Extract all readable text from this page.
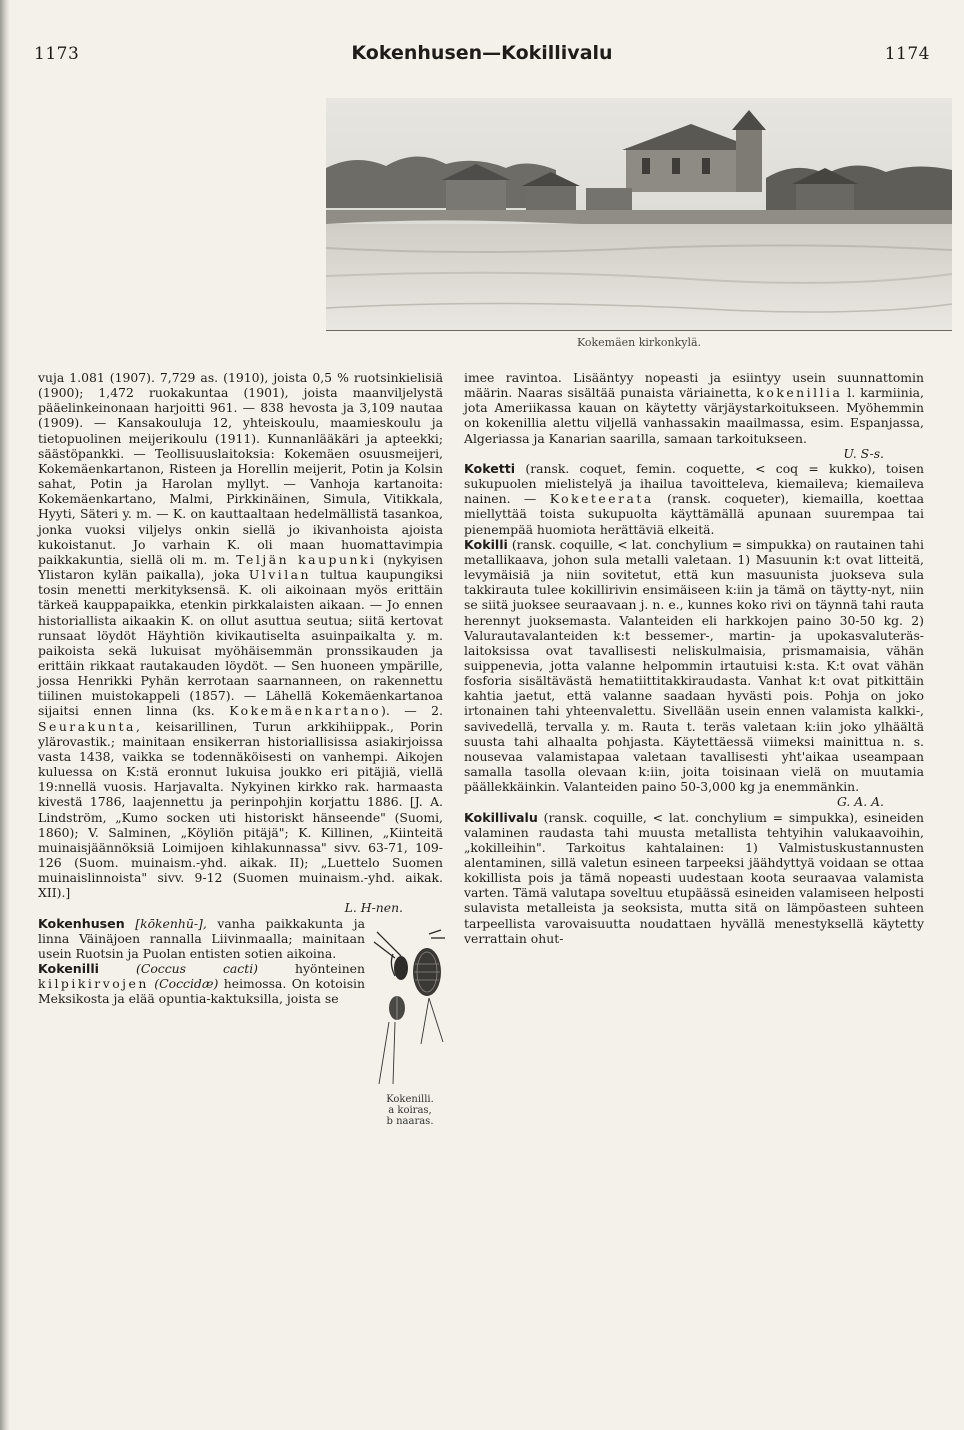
1173	Kokenhusen—Kokillivalu	1174
Kokemäen kirkonkylä.

vuja 1.081 (1907). 7,729 as. (1910), joista 0,5 % ruotsinkielisiä (1900); 1,472 ruokakuntaa (1901), joista maanviljelystä pääelinkeinonaan harjoitti 961. — 838 hevosta ja 3,109 nautaa (1909). — Kansakouluja 12, yhteiskoulu, maamieskoulu ja tietopuolinen meijerikoulu (1911). Kunnanlääkäri ja apteekki; säästöpankki. — Teollisuuslaitoksia: Kokemäen osuusmeijeri, Kokemäenkartanon, Risteen ja Horellin meijerit, Potin ja Kolsin sahat, Potin ja Harolan myllyt. — Vanhoja kartanoita: Kokemäenkartano, Malmi, Pirkkinäinen, Simula, Vitikkala, Hyyti, Säteri y. m. — K. on kauttaaltaan hedelmällistä tasankoa, jonka vuoksi viljelys onkin siellä jo ikivanhoista ajoista kukoistanut. Jo varhain K. oli maan huomattavimpia paikkakuntia, siellä oli m. m. Teljän kaupunki (nykyisen Ylistaron kylän paikalla), joka Ulvilan tultua kaupungiksi tosin menetti merkityksensä. K. oli aikoinaan myös erittäin tärkeä kauppapaikka, etenkin pirkkalaisten aikaan. — Jo ennen historiallista aikaakin K. on ollut asuttua seutua; siitä kertovat runsaat löydöt Häyhtiön kivikautiselta asuinpaikalta y. m. paikoista sekä lukuisat myöhäisemmän pronssikauden ja erittäin rikkaat rautakauden löydöt. — Sen huoneen ympärille, jossa Henrikki Pyhän kerrotaan saarnanneen, on rakennettu tiilinen muistokappeli (1857). — Lähellä Kokemäenkartanoa sijaitsi ennen linna (ks. Kokemäenkartano). — 2. Seurakunta, keisarillinen, Turun arkkihiippak., Porin ylärovastik.; mainitaan ensikerran historiallisissa asiakirjoissa vasta 1438, vaikka se todennäköisesti on vanhempi. Aikojen kuluessa on K:stä eronnut lukuisa joukko eri pitäjiä, viellä 19:nnellä vuosis. Harjavalta. Nykyinen kirkko rak. harmaasta kivestä 1786, laajennettu ja perinpohjin korjattu 1886. [J. A. Lindström, „Kumo socken uti historiskt hänseende" (Suomi, 1860); V. Salminen, „Köyliön pitäjä"; K. Killinen, „Kiinteitä muinaisjäännöksiä Loimijoen kihlakunnassa" sivv. 63-71, 109-126 (Suom. muinaism.-yhd. aikak. II); „Luettelo Suomen muinaislinnoista" sivv. 9-12 (Suomen muinaism.-yhd. aikak. XII).]

L. H-nen.

Kokenilli.
a koiras,
b naaras.

Kokenhusen [kōkenhū-], vanha paikkakunta ja linna Väinäjoen rannalla Liivinmaalla; mainitaan usein Ruotsin ja Puolan entisten sotien aikoina.

Kokenilli	(Coccus cacti)	hyönteinen kilpikirvojen (Coccidæ) heimossa. On kotoisin Meksikosta ja elää opuntia-kaktuksilla, joista se

imee ravintoa. Lisääntyy nopeasti ja esiintyy usein suunnattomin määrin. Naaras sisältää punaista väriainetta, kokenillia l. karmiinia, jota Ameriikassa kauan on käytetty värjäystarkoitukseen. Myöhemmin on kokenillia alettu viljellä vanhassakin maailmassa, esim. Espanjassa, Algeriassa ja Kanarian saarilla, samaan tarkoitukseen.

U. S-s.

Koketti (ransk. coquet, femin. coquette, < coq = kukko), toisen sukupuolen mielistelyä ja ihailua tavoitteleva, kiemaileva; kiemaileva nainen. — Koketeerata (ransk. coqueter), kiemailla, koettaa miellyttää toista sukupuolta käyttämällä apunaan suurempaa tai pienempää huomiota herättäviä elkeitä.

Kokilli (ransk. coquille, < lat. conchylium = simpukka) on rautainen tahi metallikaava, johon sula metalli valetaan. 1) Masuunin k:t ovat litteitä, levymäisiä ja niin sovitetut, että kun masuunista juokseva sula takkirauta tulee kokillirivin ensimäiseen k:iin ja tämä on täytty-nyt, niin se siitä juoksee seuraavaan j. n. e., kunnes koko rivi on täynnä tahi rauta herennyt juoksemasta. Valanteiden eli harkkojen paino 30-50 kg. 2) Valurautavalanteiden k:t bessemer-, martin- ja upokasvaluteräs-laitoksissa ovat tavallisesti neliskulmaisia, prismamaisia, vähän suippenevia, jotta valanne helpommin irtautuisi k:sta. K:t ovat vähän fosforia sisältävästä hematiittitakkiraudasta. Vanhat k:t ovat pitkittäin kahtia jaetut, että valanne saadaan hyvästi pois. Pohja on joko irtonainen tahi yhteenvalettu. Sivellään usein ennen valamista kalkki-, savivedellä, tervalla y. m. Rauta t. teräs valetaan k:iin joko ylhäältä suusta tahi alhaalta pohjasta. Käytettäessä viimeksi mainittua n. s. nousevaa valamistapaa valetaan tavallisesti yht'aikaa useampaan samalla tasolla olevaan k:iin, joita toisinaan vielä on muutamia päällekkäinkin. Valanteiden paino 50-3,000 kg ja enemmänkin.

G. A. A.

Kokillivalu (ransk. coquille, < lat. conchylium = simpukka), esineiden valaminen raudasta tahi muusta metallista tehtyihin valukaavoihin, „kokilleihin". Tarkoitus kahtalainen: 1) Valmistuskustannusten alentaminen, sillä valetun esineen tarpeeksi jäähdyttyä voidaan se ottaa kokillista pois ja tämä nopeasti uudestaan koota seuraavaa valamista varten. Tämä valutapa soveltuu etupäässä esineiden valamiseen helposti sulavista metalleista ja seoksista, mutta sitä on lämpöasteen suhteen tarpeellista varovaisuutta noudattaen hyvällä menestyksellä käytetty verrattain ohut-
